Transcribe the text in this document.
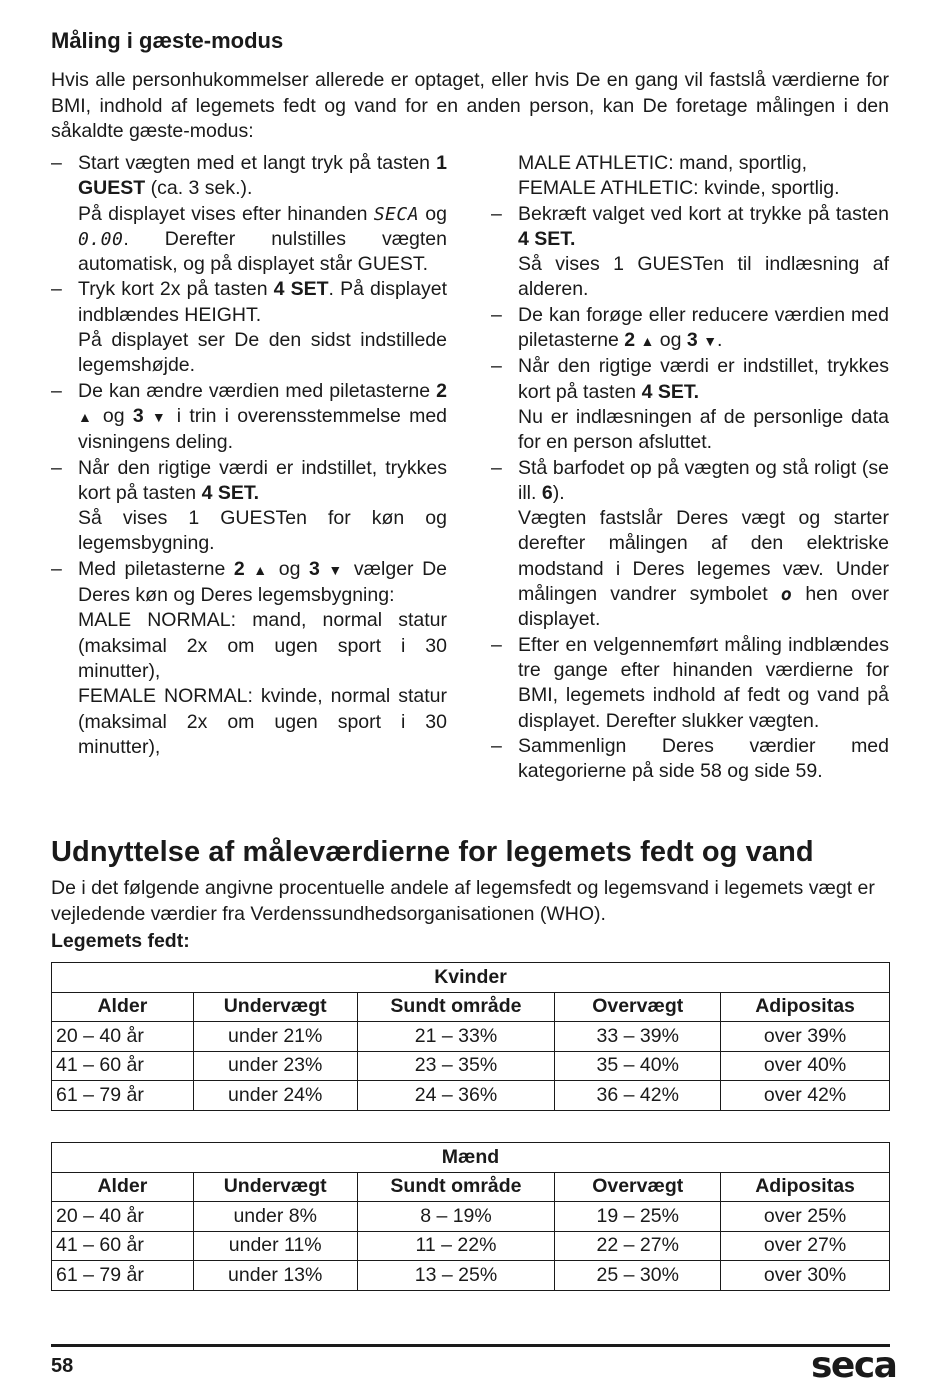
Måling i gæste-modus

Hvis alle personhukommelser allerede er optaget, eller hvis De en gang vil fastslå værdierne for BMI, indhold af legemets fedt og vand for en anden person, kan De foretage målingen i den såkaldte gæste-modus:

– Start vægten med et langt tryk på tasten 1 GUEST (ca. 3 sek.).

På displayet vises efter hinanden SECA og 0.00. Derefter nulstilles vægten automatisk, og på displayet står GUEST.

– Tryk kort 2x på tasten 4 SET. På displayet indblændes HEIGHT.

På displayet ser De den sidst indstillede legemshøjde.

– De kan ændre værdien med piletasterne 2 ▲ og 3 ▼ i trin i overensstemmelse med visningens deling.

– Når den rigtige værdi er indstillet, trykkes kort på tasten 4 SET.

Så vises 1 GUESTen for køn og legemsbygning.

– Med piletasterne 2 ▲ og 3 ▼ vælger De Deres køn og Deres legemsbygning:

MALE NORMAL: mand, normal statur (maksimal 2x om ugen sport i 30 minutter),

FEMALE NORMAL: kvinde, normal statur (maksimal 2x om ugen sport i 30 minutter),

MALE ATHLETIC: mand, sportlig,

FEMALE ATHLETIC: kvinde, sportlig.

– Bekræft valget ved kort at trykke på tasten 4 SET.

Så vises 1 GUESTen til indlæsning af alderen.

– De kan forøge eller reducere værdien med piletasterne 2 ▲ og 3 ▼.

– Når den rigtige værdi er indstillet, trykkes kort på tasten 4 SET.

Nu er indlæsningen af de personlige data for en person afsluttet.

– Stå barfodet op på vægten og stå roligt (se ill. 6).

Vægten fastslår Deres vægt og starter derefter målingen af den elektriske modstand i Deres legemes væv. Under målingen vandrer symbolet o hen over displayet.

– Efter en velgennemført måling indblændes tre gange efter hinanden værdierne for BMI, legemets indhold af fedt og vand på displayet. Derefter slukker vægten.

– Sammenlign Deres værdier med kategorierne på side 58 og side 59.

Udnyttelse af måleværdierne for legemets fedt og vand

De i det følgende angivne procentuelle andele af legemsfedt og legemsvand i legemets vægt er vejledende værdier fra Verdenssundhedsorganisationen (WHO).

Legemets fedt:

Kvinder				
Alder	Undervægt	Sundt område	Overvægt	Adipositas
20 – 40 år	under 21%	21 – 33%	33 – 39%	over 39%
41 – 60 år	under 23%	23 – 35%	35 – 40%	over 40%
61 – 79 år	under 24%	24 – 36%	36 – 42%	over 42%
Mænd				
Alder	Undervægt	Sundt område	Overvægt	Adipositas
20 – 40 år	under 8%	8 – 19%	19 – 25%	over 25%
41 – 60 år	under 11%	11 – 22%	22 – 27%	over 27%
61 – 79 år	under 13%	13 – 25%	25 – 30%	over 30%
58	seca
